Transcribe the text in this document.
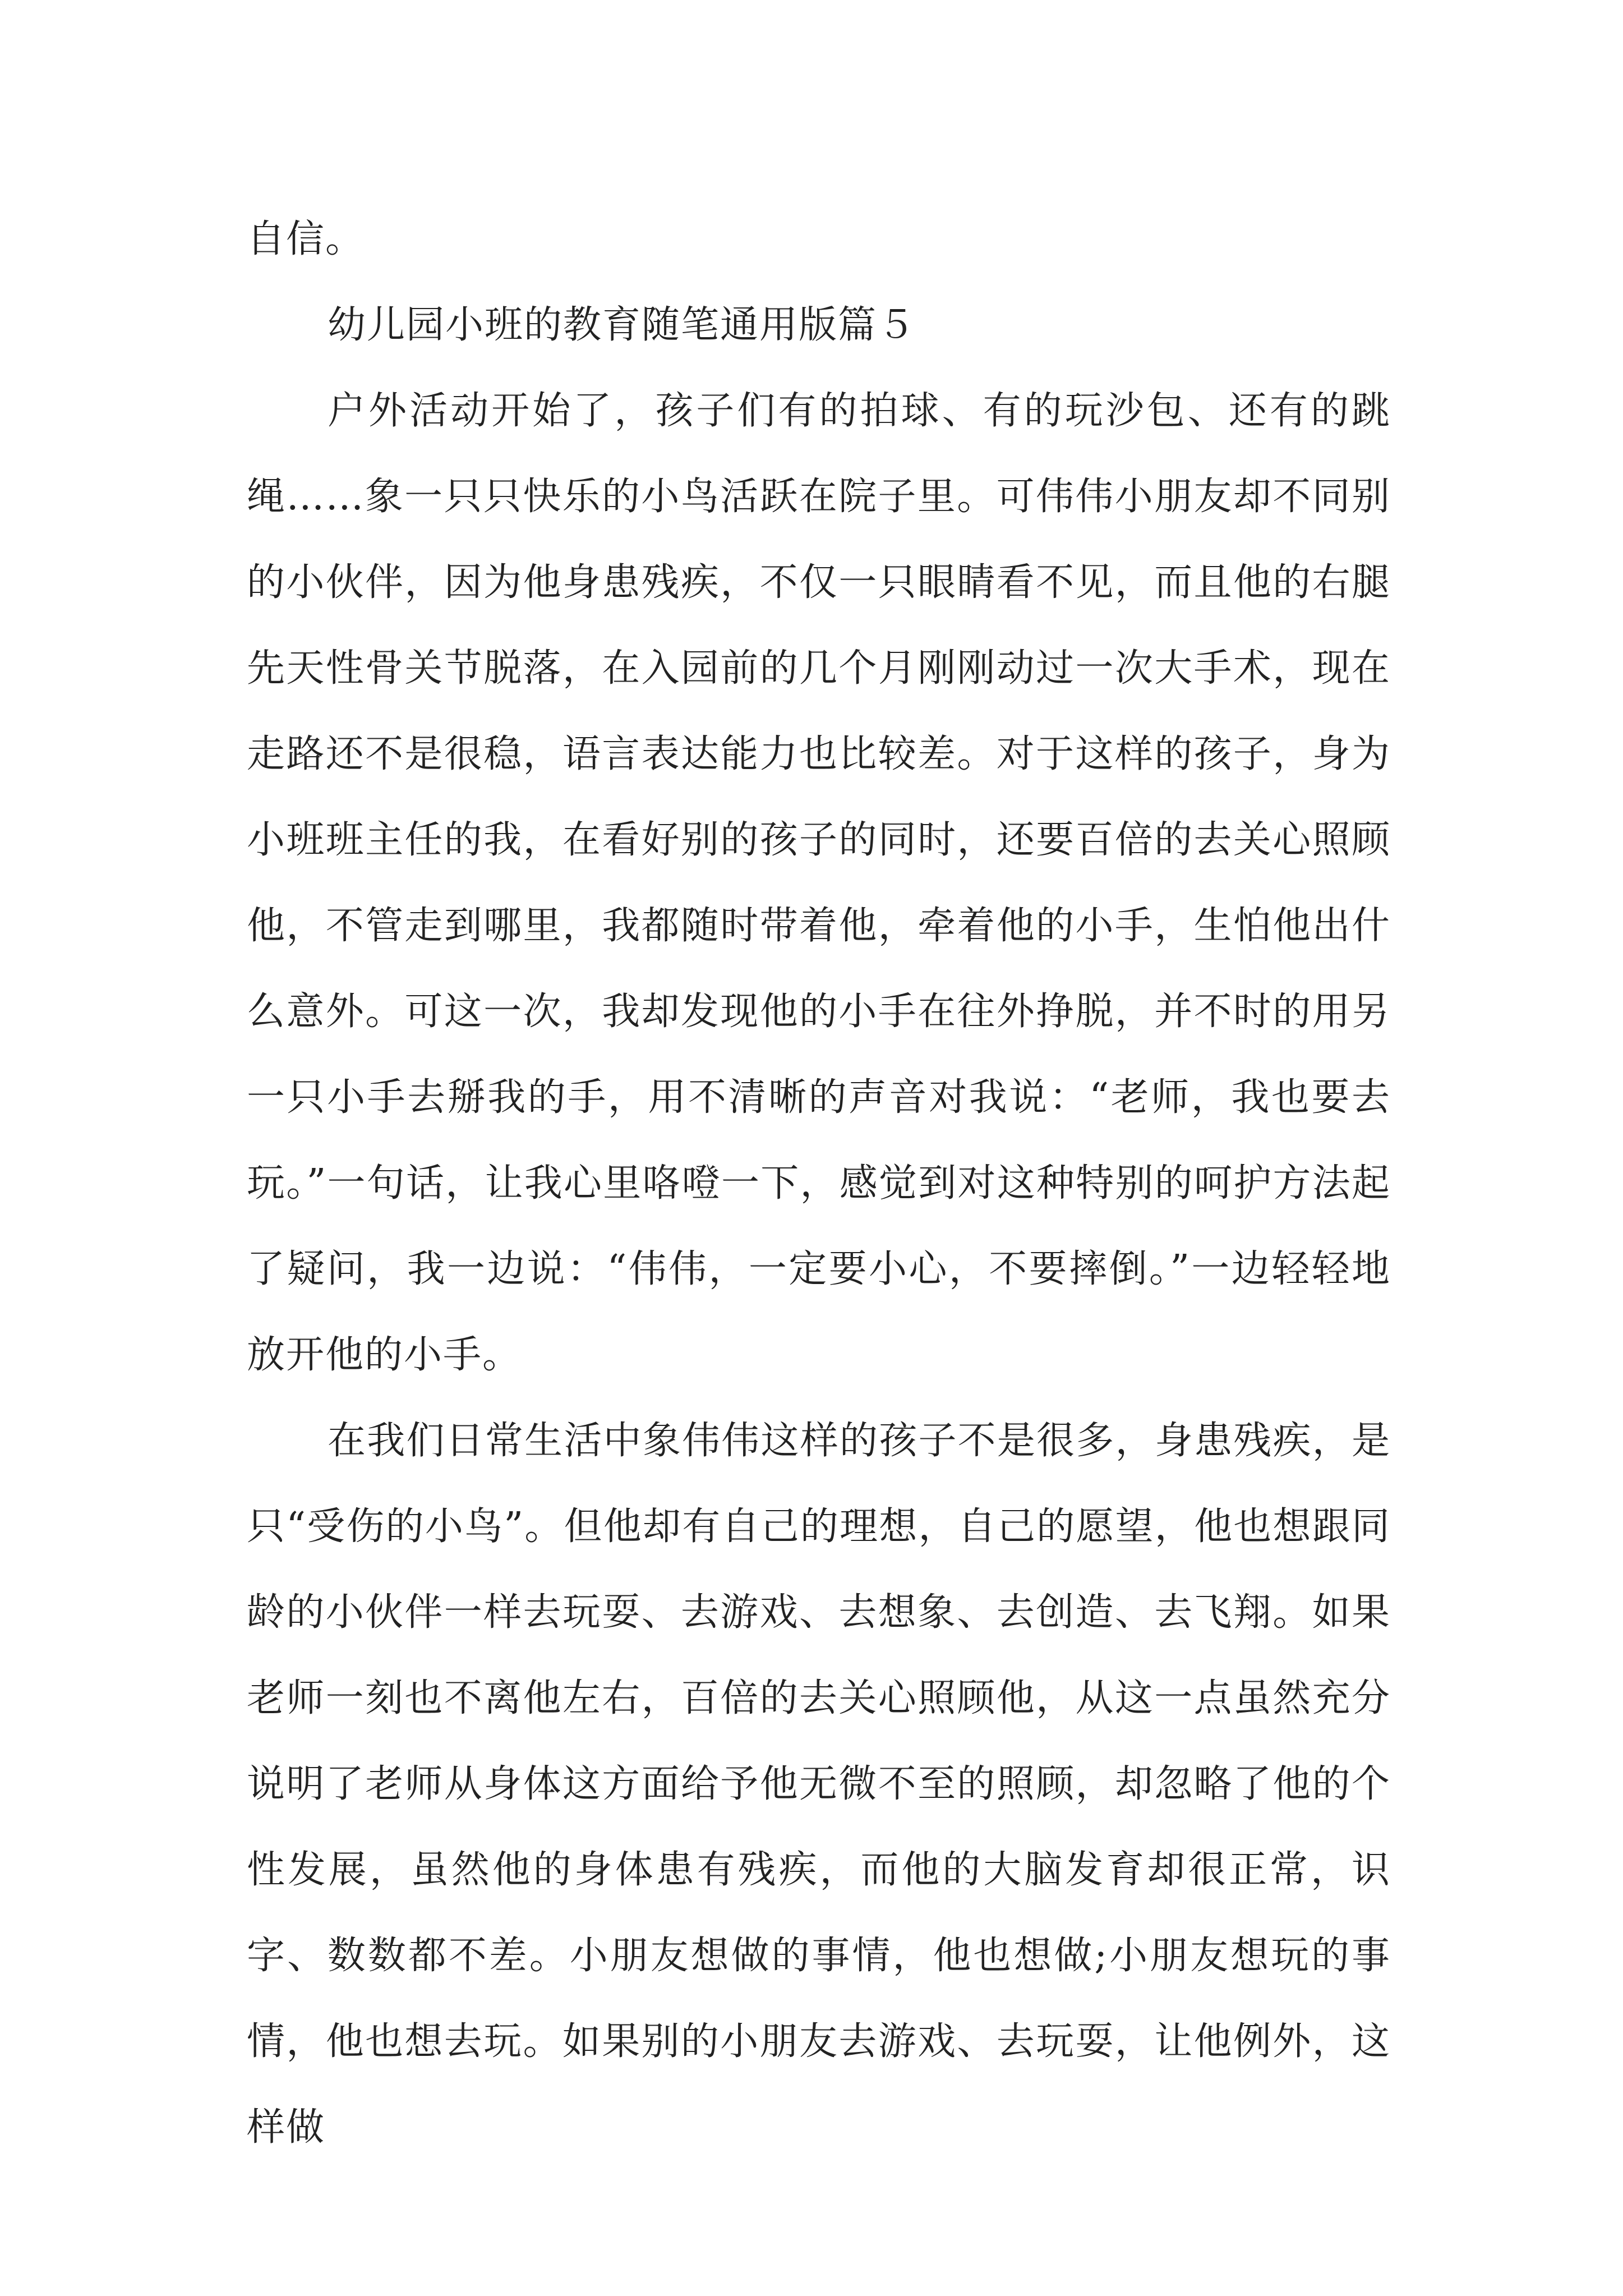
自信。

幼儿园小班的教育随笔通用版篇５

户外活动开始了，孩子们有的拍球、有的玩沙包、还有的跳绳……象一只只快乐的小鸟活跃在院子里。可伟伟小朋友却不同别的小伙伴，因为他身患残疾，不仅一只眼睛看不见，而且他的右腿先天性骨关节脱落，在入园前的几个月刚刚动过一次大手术，现在走路还不是很稳，语言表达能力也比较差。对于这样的孩子，身为小班班主任的我，在看好别的孩子的同时，还要百倍的去关心照顾他，不管走到哪里，我都随时带着他，牵着他的小手，生怕他出什么意外。可这一次，我却发现他的小手在往外挣脱，并不时的用另一只小手去掰我的手，用不清晰的声音对我说：“老师，我也要去玩。”一句话，让我心里咯噔一下，感觉到对这种特别的呵护方法起了疑问，我一边说：“伟伟，一定要小心，不要摔倒。”一边轻轻地放开他的小手。

在我们日常生活中象伟伟这样的孩子不是很多，身患残疾，是只“受伤的小鸟”。但他却有自己的理想，自己的愿望，他也想跟同龄的小伙伴一样去玩耍、去游戏、去想象、去创造、去飞翔。如果老师一刻也不离他左右，百倍的去关心照顾他，从这一点虽然充分说明了老师从身体这方面给予他无微不至的照顾，却忽略了他的个性发展，虽然他的身体患有残疾，而他的大脑发育却很正常，识字、数数都不差。小朋友想做的事情，他也想做;小朋友想玩的事情，他也想去玩。如果别的小朋友去游戏、去玩耍，让他例外，这样做
